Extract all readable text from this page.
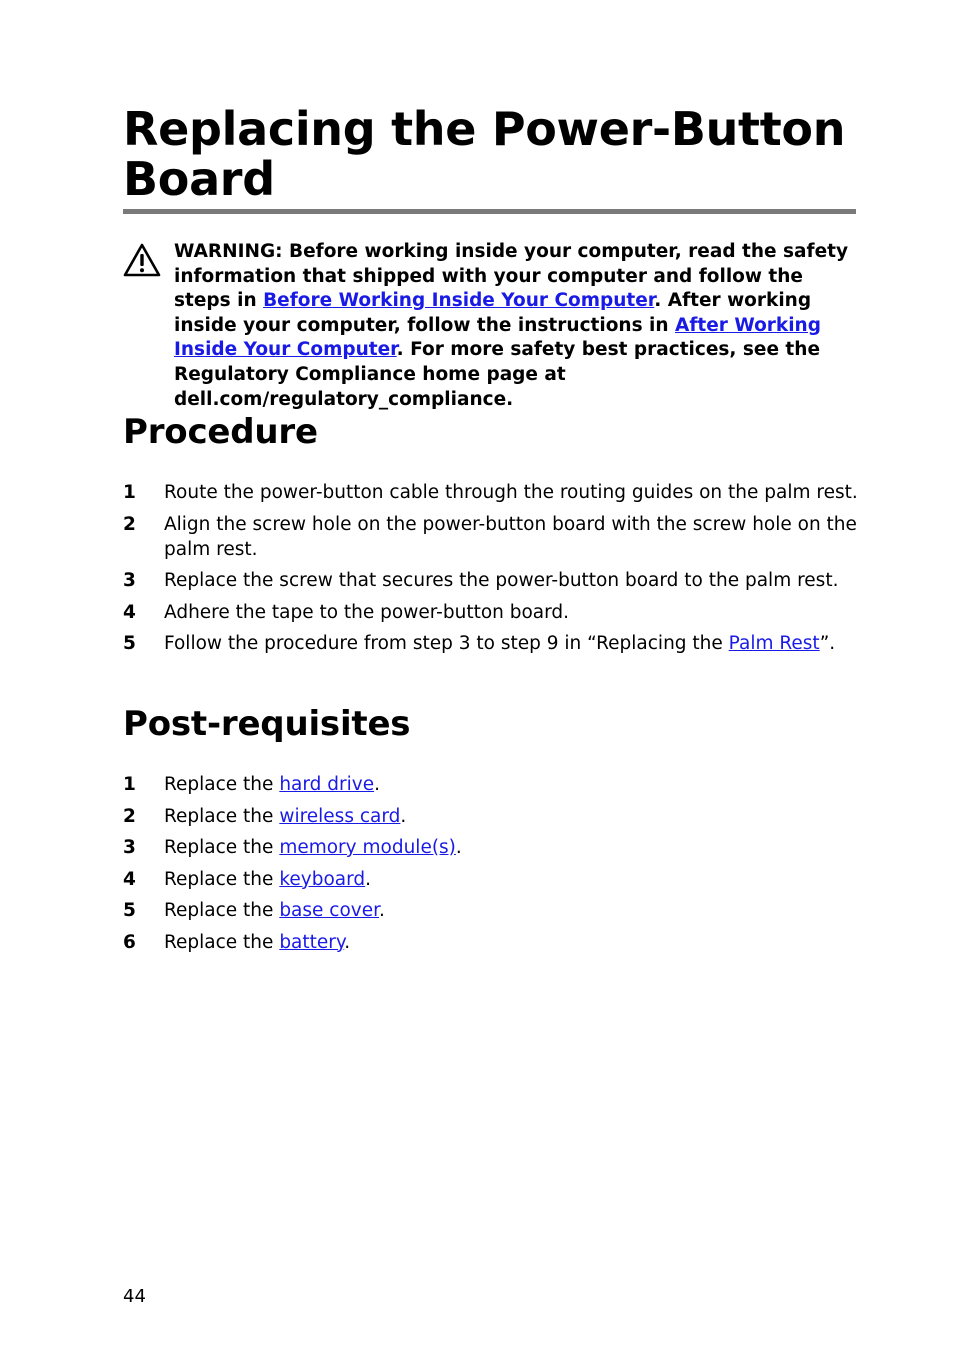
Replacing the Power-Button Board

WARNING: Before working inside your computer, read the safety information that shipped with your computer and follow the steps in Before Working Inside Your Computer. After working inside your computer, follow the instructions in After Working Inside Your Computer. For more safety best practices, see the Regulatory Compliance home page at dell.com/regulatory_compliance.

Procedure
1 Route the power-button cable through the routing guides on the palm rest.
2 Align the screw hole on the power-button board with the screw hole on the palm rest.
3 Replace the screw that secures the power-button board to the palm rest.
4 Adhere the tape to the power-button board.
5 Follow the procedure from step 3 to step 9 in “Replacing the Palm Rest”.
Post-requisites
1 Replace the hard drive.
2 Replace the wireless card.
3 Replace the memory module(s).
4 Replace the keyboard.
5 Replace the base cover.
6 Replace the battery.
44
